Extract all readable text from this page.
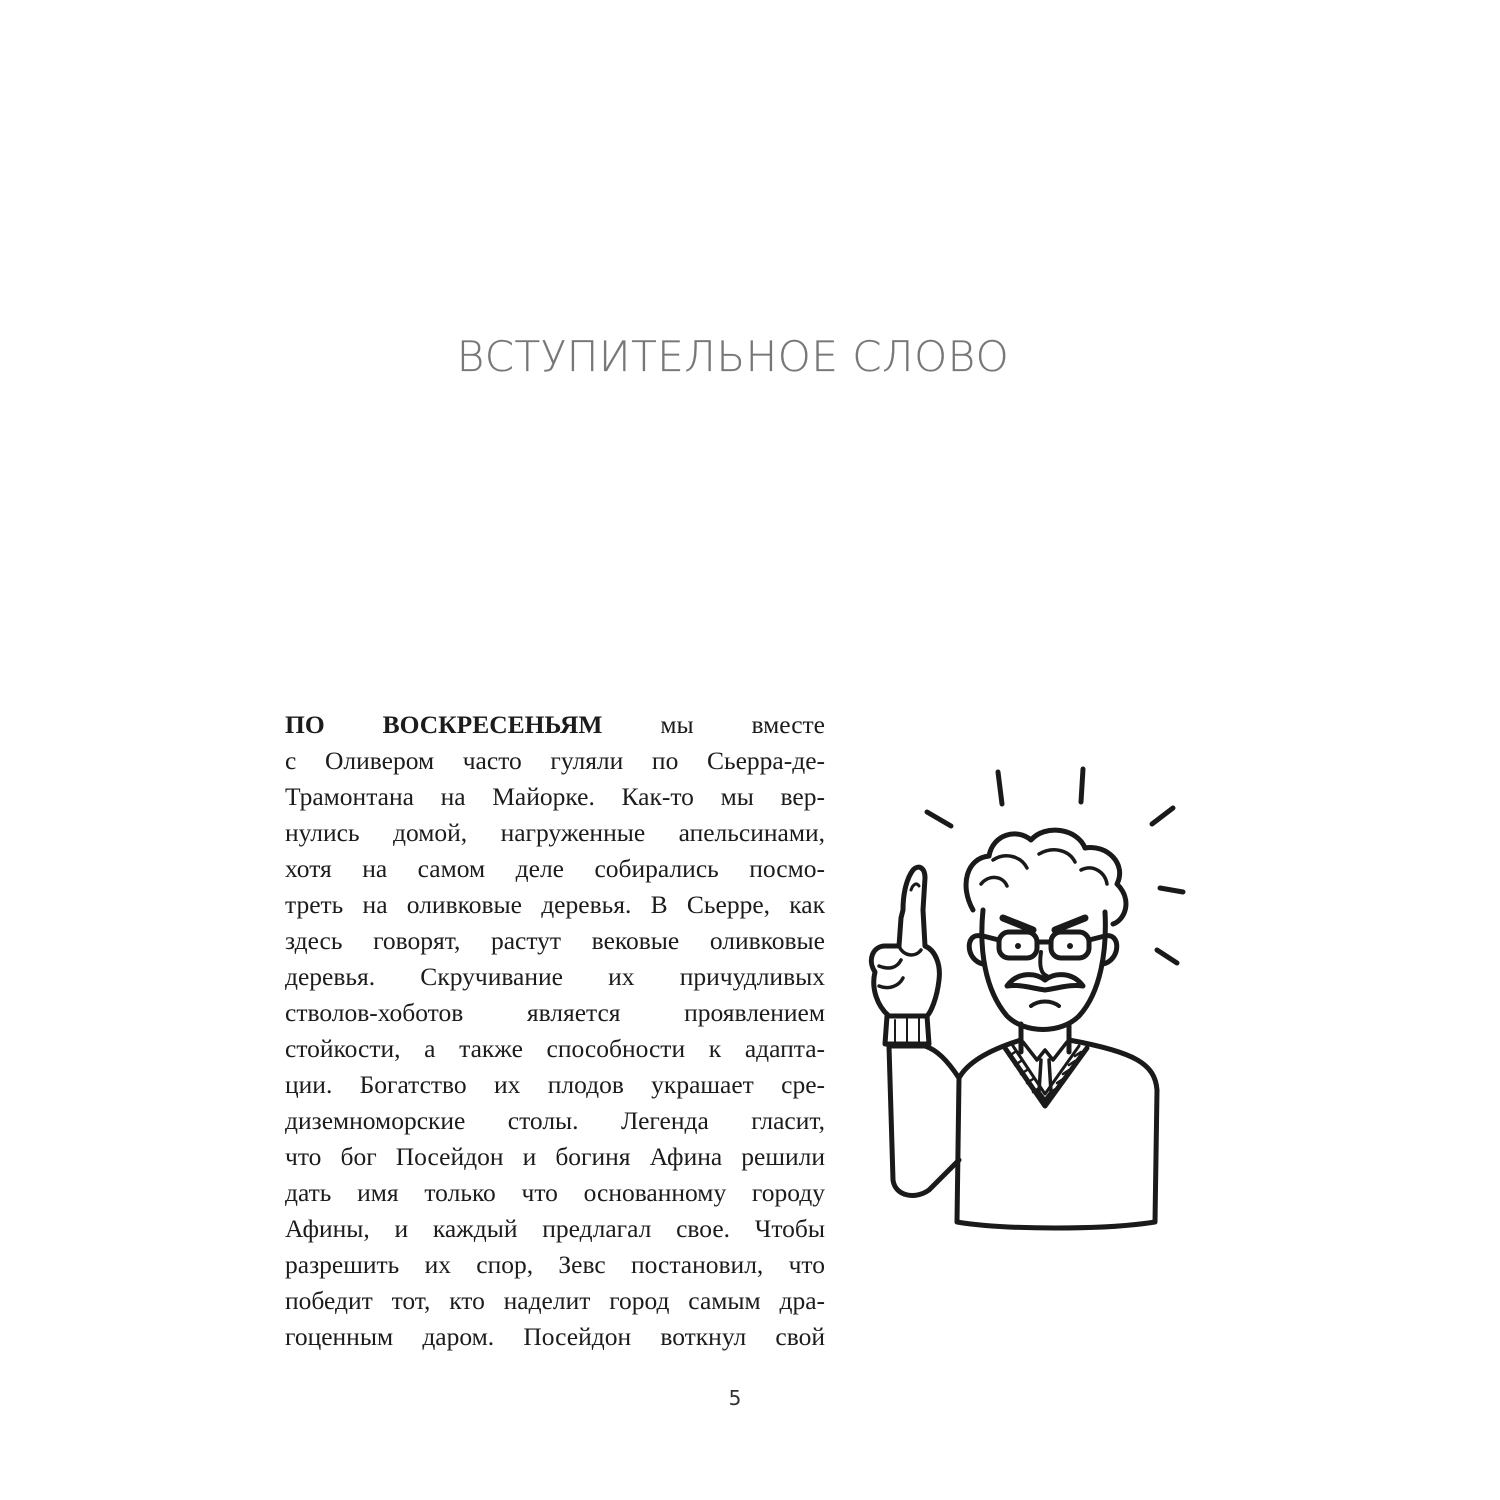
ВСТУПИТЕЛЬНОЕ СЛОВО
ПО ВОСКРЕСЕНЬЯМ мы вместе
с Оливером часто гуляли по Сьерра-де-
Трамонтана на Майорке. Как-то мы вер-
нулись домой, нагруженные апельсинами,
хотя на самом деле собирались посмо-
треть на оливковые деревья. В Сьерре, как
здесь говорят, растут вековые оливковые
деревья. Скручивание их причудливых
стволов-хоботов является проявлением
стойкости, а также способности к адапта-
ции. Богатство их плодов украшает сре-
диземноморские столы. Легенда гласит,
что бог Посейдон и богиня Афина решили
дать имя только что основанному городу
Афины, и каждый предлагал свое. Чтобы
разрешить их спор, Зевс постановил, что
победит тот, кто наделит город самым дра-
гоценным даром. Посейдон воткнул свой
5
